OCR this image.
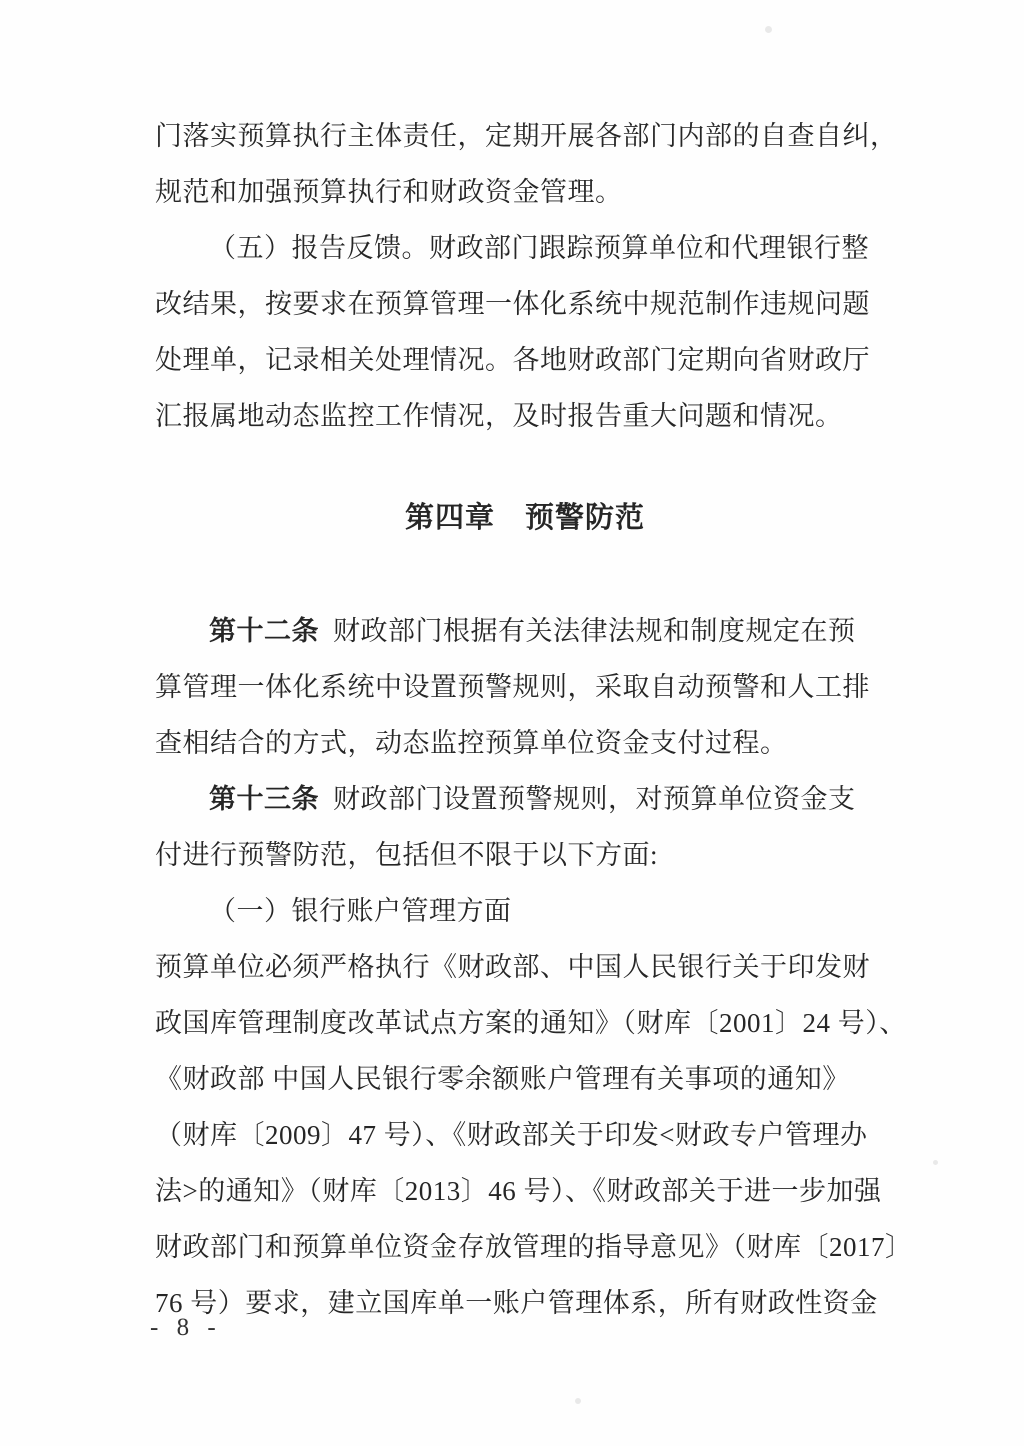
门落实预算执行主体责任，定期开展各部门内部的自查自纠，
规范和加强预算执行和财政资金管理。
（五）报告反馈。财政部门跟踪预算单位和代理银行整
改结果，按要求在预算管理一体化系统中规范制作违规问题
处理单，记录相关处理情况。各地财政部门定期向省财政厅
汇报属地动态监控工作情况，及时报告重大问题和情况。
第四章　预警防范
第十二条 财政部门根据有关法律法规和制度规定在预
算管理一体化系统中设置预警规则，采取自动预警和人工排
查相结合的方式，动态监控预算单位资金支付过程。
第十三条 财政部门设置预警规则，对预算单位资金支
付进行预警防范，包括但不限于以下方面:
（一）银行账户管理方面
预算单位必须严格执行《财政部、中国人民银行关于印发财
政国库管理制度改革试点方案的通知》（财库〔2001〕24 号）、
《财政部 中国人民银行零余额账户管理有关事项的通知》
（财库〔2009〕47 号）、《财政部关于印发<财政专户管理办
法>的通知》（财库〔2013〕46 号）、《财政部关于进一步加强
财政部门和预算单位资金存放管理的指导意见》（财库〔2017〕
76 号）要求，建立国库单一账户管理体系，所有财政性资金
- 8 -
